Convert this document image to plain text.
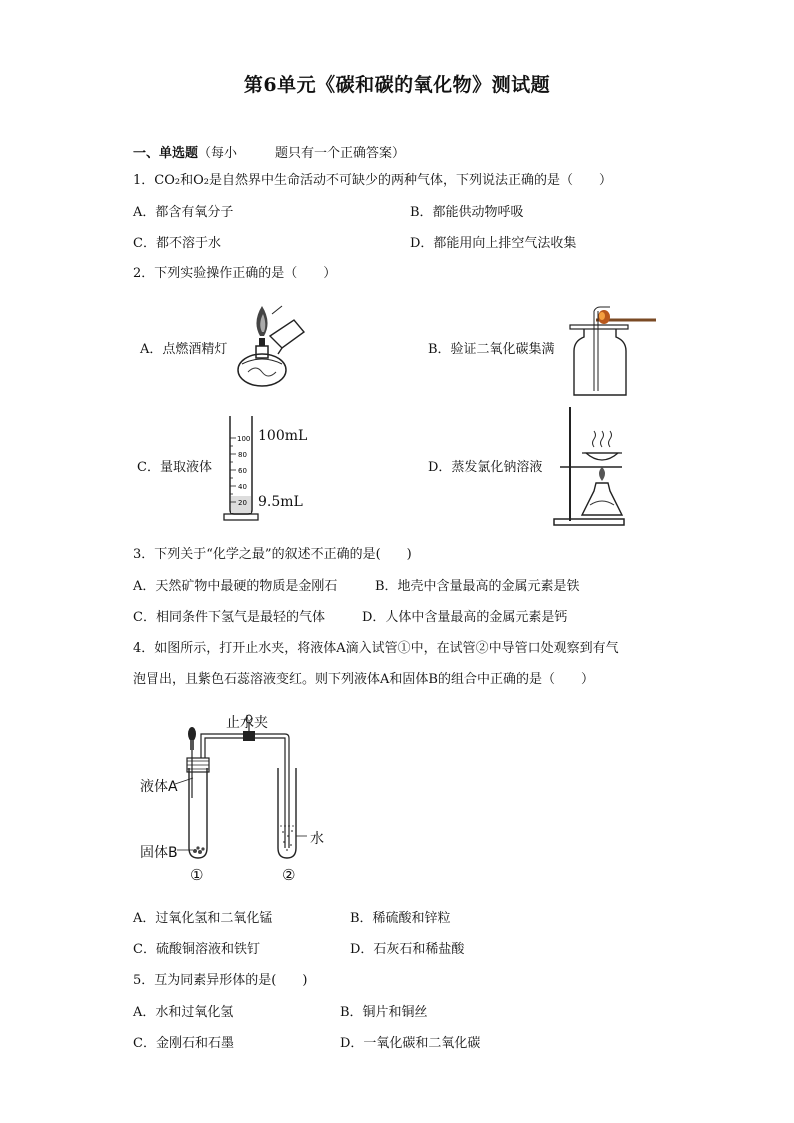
第6单元《碳和碳的氧化物》测试题
一、单选题（每小	题只有一个正确答案）
1．CO₂和O₂是自然界中生命活动不可缺少的两种气体，下列说法正确的是（　　）
A．都含有氧分子	B．都能供动物呼吸
C．都不溶于水	D．都能用向上排空气法收集
2．下列实验操作正确的是（　　）
A．点燃酒精灯	B．验证二氧化碳集满
C．量取液体
100
80
60
40
20
100mL
9.5mL
D．蒸发氯化钠溶液
3．下列关于“化学之最”的叙述不正确的是(　　)
A．天然矿物中最硬的物质是金刚石	B．地壳中含量最高的金属元素是铁
C．相同条件下氢气是最轻的气体	D．人体中含量最高的金属元素是钙
4．如图所示，打开止水夹，将液体A滴入试管①中，在试管②中导管口处观察到有气
泡冒出，且紫色石蕊溶液变红。则下列液体A和固体B的组合中正确的是（　　）
止水夹
液体A
固体B
水
①	②
A．过氧化氢和二氧化锰	B．稀硫酸和锌粒
C．硫酸铜溶液和铁钉	D．石灰石和稀盐酸
5．互为同素异形体的是(　　)
A．水和过氧化氢	B．铜片和铜丝
C．金刚石和石墨	D．一氧化碳和二氧化碳
